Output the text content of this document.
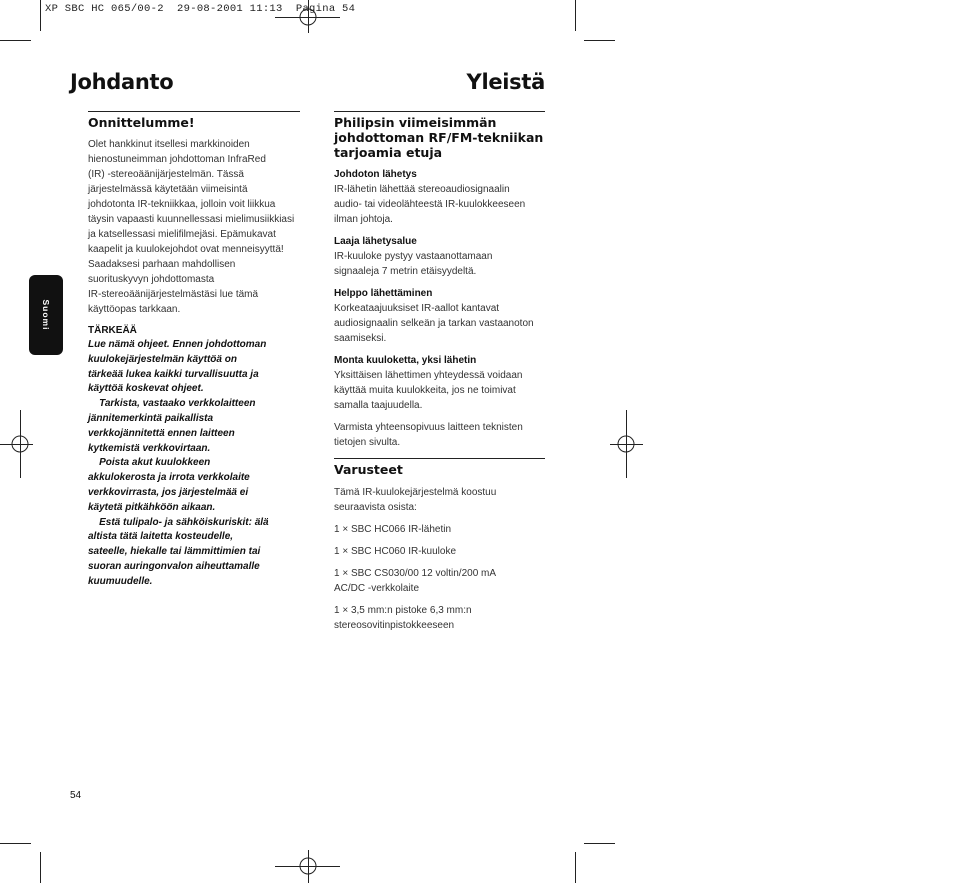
XP SBC HC 065/00-2  29-08-2001 11:13  Pagina 54
Johdanto	Yleistä
Suomi
Onnittelumme!
Olet hankkinut itsellesi markkinoiden
hienostuneimman johdottoman InfraRed
(IR) -stereoäänijärjestelmän. Tässä
järjestelmässä käytetään viimeisintä
johdotonta IR-tekniikkaa, jolloin voit liikkua
täysin vapaasti kuunnellessasi mielimusiikkiasi
ja katsellessasi mielifilmejäsi. Epämukavat
kaapelit ja kuulokejohdot ovat menneisyyttä!
Saadaksesi parhaan mahdollisen
suorituskyvyn johdottomasta
IR-stereoäänijärjestelmästäsi lue tämä
käyttöopas tarkkaan.
TÄRKEÄÄ
Lue nämä ohjeet. Ennen johdottoman
kuulokejärjestelmän käyttöä on
tärkeää lukea kaikki turvallisuutta ja
käyttöä koskevat ohjeet.
Tarkista, vastaako verkkolaitteen
jännitemerkintä paikallista
verkkojännitettä ennen laitteen
kytkemistä verkkovirtaan.
Poista akut kuulokkeen
akkulokerosta ja irrota verkkolaite
verkkovirrasta, jos järjestelmää ei
käytetä pitkähköön aikaan.
Estä tulipalo- ja sähköiskuriskit: älä
altista tätä laitetta kosteudelle,
sateelle, hiekalle tai lämmittimien tai
suoran auringonvalon aiheuttamalle
kuumuudelle.
Philipsin viimeisimmän
johdottoman RF/FM-tekniikan
tarjoamia etuja
Johdoton lähetys
IR-lähetin lähettää stereoaudiosignaalin
audio- tai videolähteestä IR-kuulokkeeseen
ilman johtoja.
Laaja lähetysalue
IR-kuuloke pystyy vastaanottamaan
signaaleja 7 metrin etäisyydeltä.
Helppo lähettäminen
Korkeataajuuksiset IR-aallot kantavat
audiosignaalin selkeän ja tarkan vastaanoton
saamiseksi.
Monta kuuloketta, yksi lähetin
Yksittäisen lähettimen yhteydessä voidaan
käyttää muita kuulokkeita, jos ne toimivat
samalla taajuudella.
Varmista yhteensopivuus laitteen teknisten
tietojen sivulta.
Varusteet
Tämä IR-kuulokejärjestelmä koostuu
seuraavista osista:
1 × SBC HC066 IR-lähetin
1 × SBC HC060 IR-kuuloke
1 × SBC CS030/00 12 voltin/200 mA
AC/DC -verkkolaite
1 × 3,5 mm:n pistoke 6,3 mm:n
stereosovitinpistokkeeseen
54
